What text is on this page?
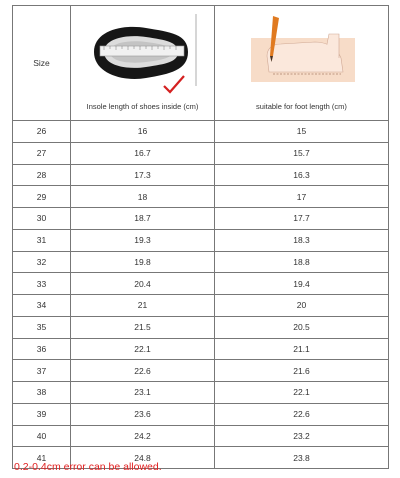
Size	Insole length of shoes inside (cm)	suitable for foot length (cm)

26	16	15
27	16.7	15.7
28	17.3	16.3
29	18	17
30	18.7	17.7
31	19.3	18.3
32	19.8	18.8
33	20.4	19.4
34	21	20
35	21.5	20.5
36	22.1	21.1
37	22.6	21.6
38	23.1	22.1
39	23.6	22.6
40	24.2	23.2
41	24.8	23.8
0.2-0.4cm error can be allowed.
